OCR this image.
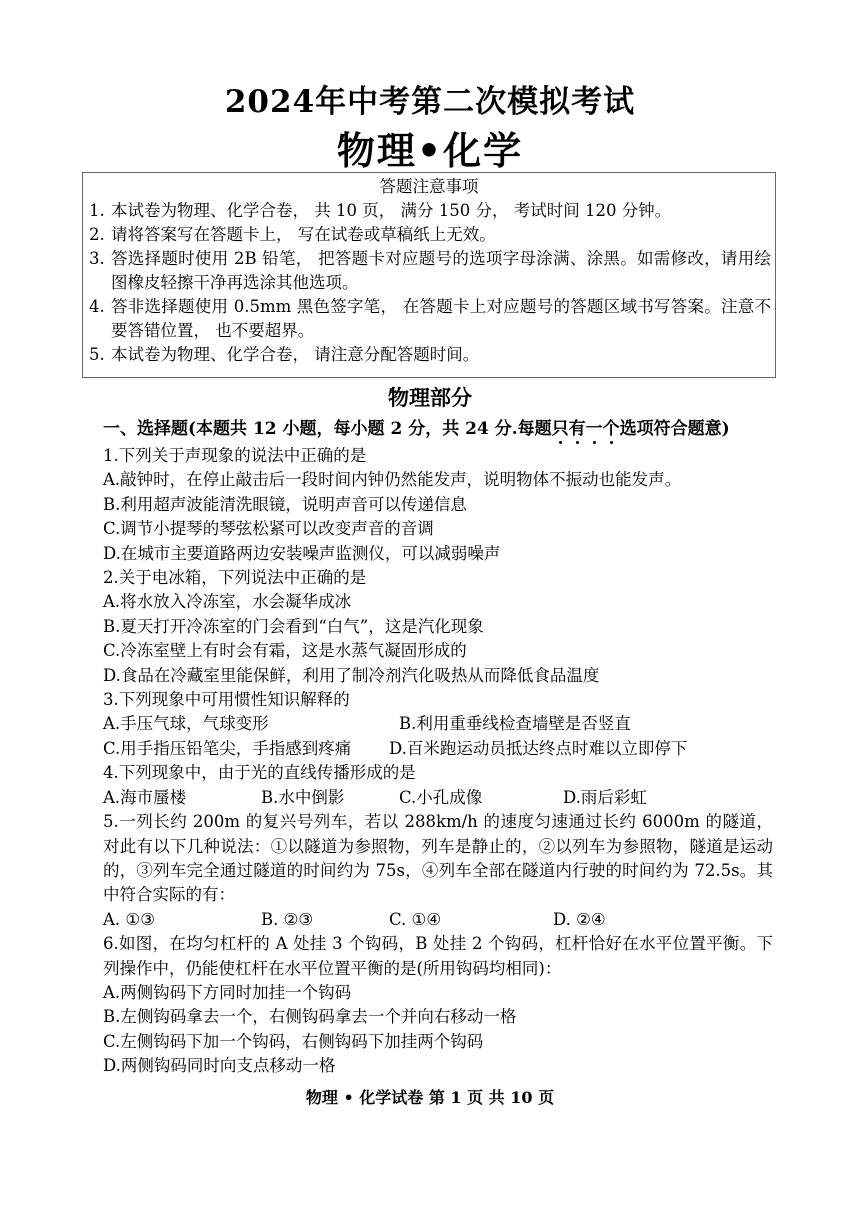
2024年中考第二次模拟考试
物理•化学
答题注意事项
1. 本试卷为物理、化学合卷， 共 10 页， 满分 150 分， 考试时间 120 分钟。
2. 请将答案写在答题卡上， 写在试卷或草稿纸上无效。
3. 答选择题时使用 2B 铅笔， 把答题卡对应题号的选项字母涂满、涂黑。如需修改，请用绘图橡皮轻擦干净再选涂其他选项。
4. 答非选择题使用 0.5mm 黑色签字笔， 在答题卡上对应题号的答题区域书写答案。注意不要答错位置， 也不要超界。
5. 本试卷为物理、化学合卷， 请注意分配答题时间。
物理部分
一、选择题(本题共 12 小题，每小题 2 分，共 24 分.每题只有一个选项符合题意)
1.下列关于声现象的说法中正确的是
A.敲钟时，在停止敲击后一段时间内钟仍然能发声，说明物体不振动也能发声。
B.利用超声波能清洗眼镜，说明声音可以传递信息
C.调节小提琴的琴弦松紧可以改变声音的音调
D.在城市主要道路两边安装噪声监测仪，可以减弱噪声
2.关于电冰箱，下列说法中正确的是
A.将水放入冷冻室，水会凝华成冰
B.夏天打开冷冻室的门会看到“白气”，这是汽化现象
C.冷冻室壁上有时会有霜，这是水蒸气凝固形成的
D.食品在冷藏室里能保鲜，利用了制冷剂汽化吸热从而降低食品温度
3.下列现象中可用惯性知识解释的
A.手压气球，气球变形	B.利用重垂线检查墙壁是否竖直
C.用手指压铅笔尖，手指感到疼痛	D.百米跑运动员抵达终点时难以立即停下
4.下列现象中，由于光的直线传播形成的是
A.海市蜃楼	B.水中倒影	C.小孔成像	D.雨后彩虹
5.一列长约 200m 的复兴号列车，若以 288km/h 的速度匀速通过长约 6000m 的隧道，对此有以下几种说法：①以隧道为参照物，列车是静止的，②以列车为参照物，隧道是运动的，③列车完全通过隧道的时间约为 75s，④列车全部在隧道内行驶的时间约为 72.5s。其中符合实际的有：
A. ①③	B. ②③	C. ①④	D. ②④
6.如图，在均匀杠杆的 A 处挂 3 个钩码，B 处挂 2 个钩码，杠杆恰好在水平位置平衡。下列操作中，仍能使杠杆在水平位置平衡的是(所用钩码均相同)：
A.两侧钩码下方同时加挂一个钩码
B.左侧钩码拿去一个，右侧钩码拿去一个并向右移动一格
C.左侧钩码下加一个钩码，右侧钩码下加挂两个钩码
D.两侧钩码同时向支点移动一格
物理 • 化学试卷 第 1 页 共 10 页
